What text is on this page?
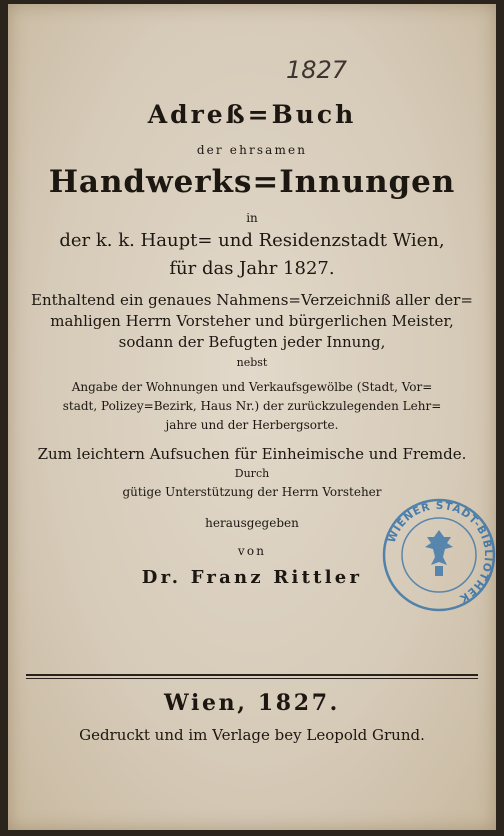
1827
Adreß=Buch
der ehrsamen
Handwerks=Innungen
in
der k. k. Haupt= und Residenzstadt Wien,
für das Jahr 1827.
Enthaltend ein genaues Nahmens=Verzeichniß aller der=
mahligen Herrn Vorsteher und bürgerlichen Meister,
sodann der Befugten jeder Innung,
nebst
Angabe der Wohnungen und Verkaufsgewölbe (Stadt, Vor=
stadt, Polizey=Bezirk, Haus Nr.) der zurückzulegenden Lehr=
jahre und der Herbergsorte.
Zum leichtern Aufsuchen für Einheimische und Fremde.
Durch
gütige Unterstützung der Herrn Vorsteher
herausgegeben
von
Dr. Franz Rittler
WIENER STADT-BIBLIOTHEK
Wien, 1827.
Gedruckt und im Verlage bey Leopold Grund.
